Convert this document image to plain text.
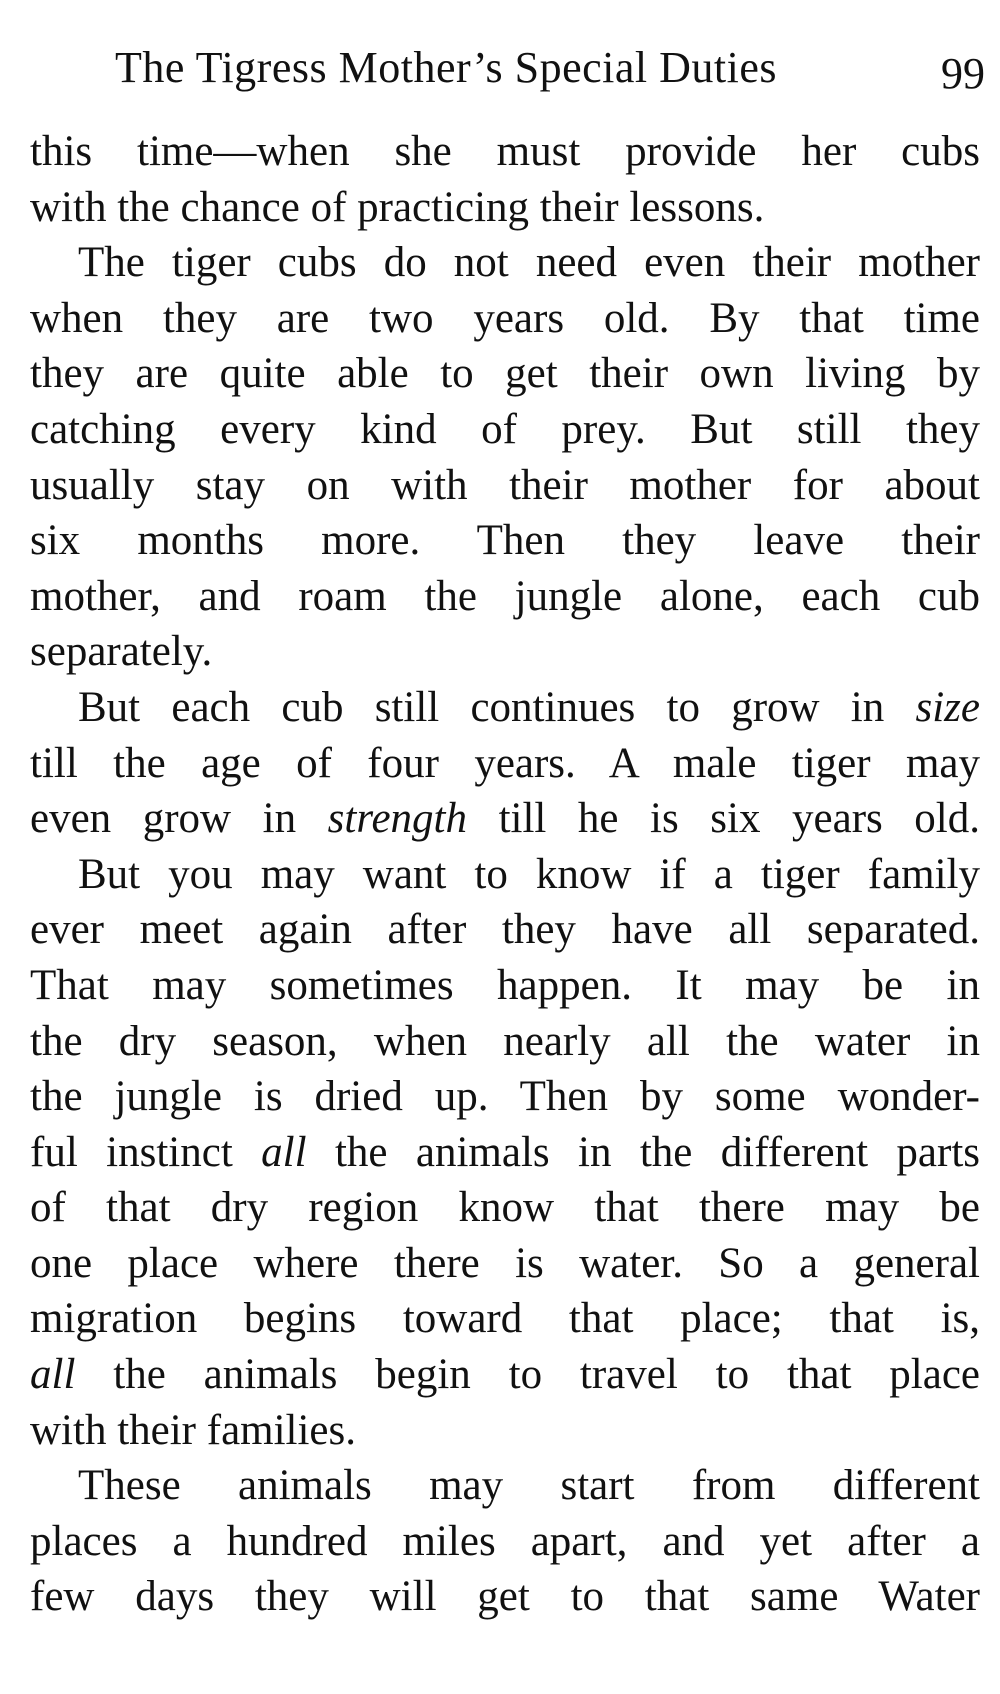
The Tigress Mother’s Special Duties	99

this time—when she must provide her cubs
with the chance of practicing their lessons.

The tiger cubs do not need even their mother
when they are two years old. By that time
they are quite able to get their own living by
catching every kind of prey. But still they
usually stay on with their mother for about
six months more. Then they leave their
mother, and roam the jungle alone, each cub
separately.

But each cub still continues to grow in size
till the age of four years. A male tiger may
even grow in strength till he is six years old.

But you may want to know if a tiger family
ever meet again after they have all separated.
That may sometimes happen. It may be in
the dry season, when nearly all the water in
the jungle is dried up. Then by some wonder-
ful instinct all the animals in the different parts
of that dry region know that there may be
one place where there is water. So a general
migration begins toward that place; that is,
all the animals begin to travel to that place
with their families.

These animals may start from different
places a hundred miles apart, and yet after a
few days they will get to that same Water
